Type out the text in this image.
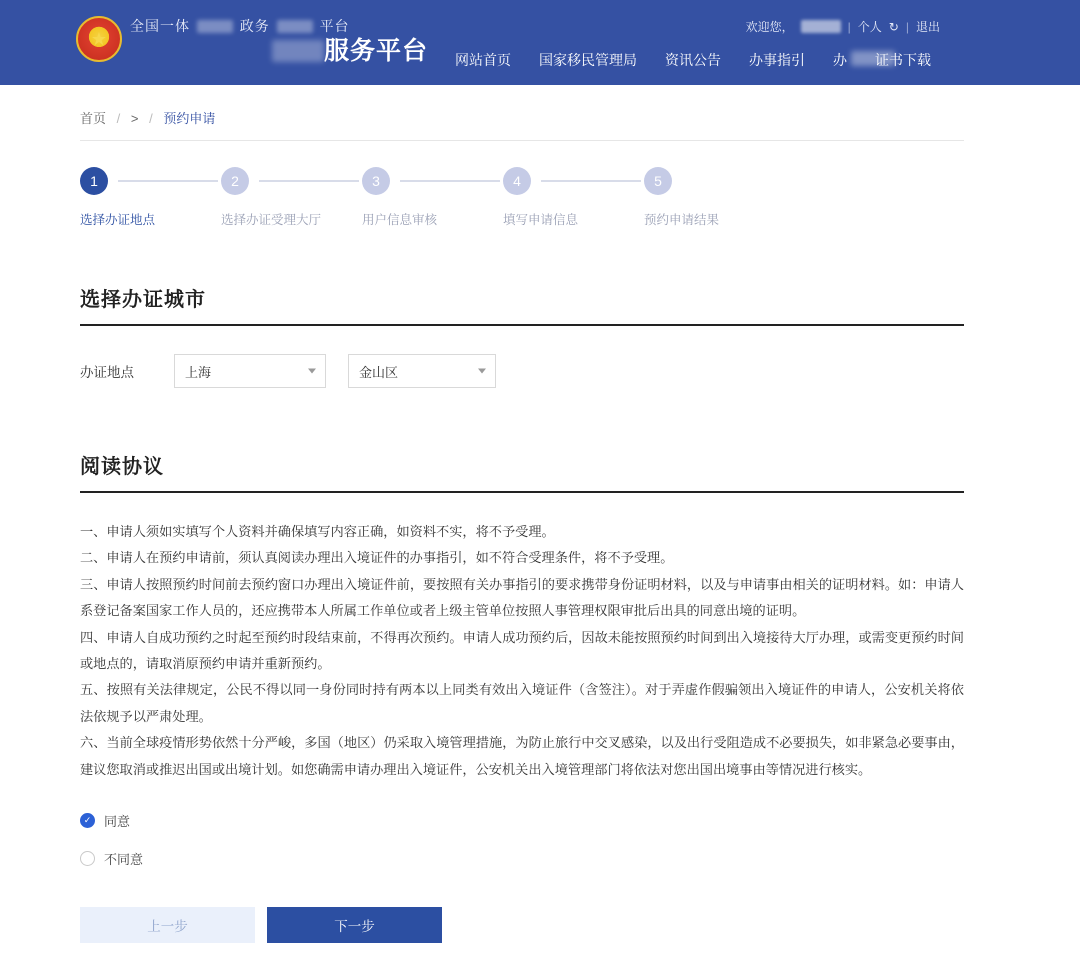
★
全国一体	政务	平台
服务平台
欢迎您，	| 个人 ↻ | 退出
网站首页 国家移民管理局 资讯公告 办事指引 办 证书下载
首页 / > / 预约申请
1
选择办证地点
2
选择办证受理大厅
3
用户信息审核
4
填写申请信息
5
预约申请结果
选择办证城市
办证地点	上海	金山区
阅读协议

一、申请人须如实填写个人资料并确保填写内容正确，如资料不实，将不予受理。

二、申请人在预约申请前，须认真阅读办理出入境证件的办事指引，如不符合受理条件，将不予受理。

三、申请人按照预约时间前去预约窗口办理出入境证件前，要按照有关办事指引的要求携带身份证明材料，以及与申请事由相关的证明材料。如：申请人系登记备案国家工作人员的，还应携带本人所属工作单位或者上级主管单位按照人事管理权限审批后出具的同意出境的证明。

四、申请人自成功预约之时起至预约时段结束前，不得再次预约。申请人成功预约后，因故未能按照预约时间到出入境接待大厅办理，或需变更预约时间或地点的，请取消原预约申请并重新预约。

五、按照有关法律规定，公民不得以同一身份同时持有两本以上同类有效出入境证件（含签注）。对于弄虚作假骗领出入境证件的申请人，公安机关将依法依规予以严肃处理。

六、当前全球疫情形势依然十分严峻，多国（地区）仍采取入境管理措施，为防止旅行中交叉感染，以及出行受阻造成不必要损失，如非紧急必要事由，建议您取消或推迟出国或出境计划。如您确需申请办理出入境证件，公安机关出入境管理部门将依法对您出国出境事由等情况进行核实。

✓ 同意
不同意
上一步	下一步
